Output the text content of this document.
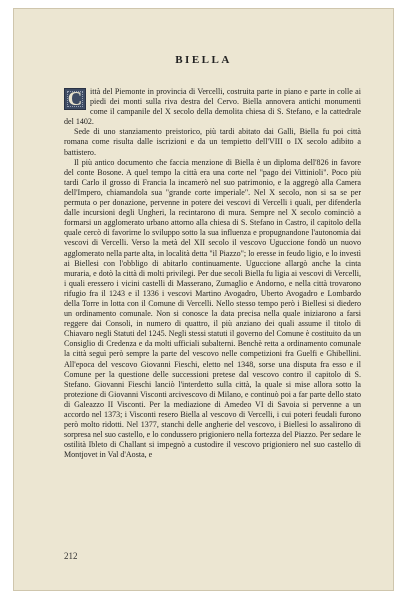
BIELLA

Città del Piemonte in provincia di Vercelli, costruita parte in piano e parte in colle ai piedi dei monti sulla riva destra del Cervo. Biella annovera antichi monumenti come il campanile del X secolo della demolita chiesa di S. Stefano, e la cattedrale del 1402.

Sede di uno stanziamento preistorico, più tardi abitato dai Galli, Biella fu poi città romana come risulta dalle iscrizioni e da un tempietto dell'VIII o IX secolo adibito a battistero.

Il più antico documento che faccia menzione di Biella è un diploma dell'826 in favore del conte Bosone. A quel tempo la città era una corte nel "pago dei Vittinioli". Poco più tardi Carlo il grosso di Francia la incamerò nel suo patrimonio, e la aggregò alla Camera dell'Impero, chiamandola sua "grande corte imperiale". Nel X secolo, non si sa se per permuta o per donazione, pervenne in potere dei vescovi di Vercelli i quali, per difenderla dalle incursioni degli Ungheri, la recintarono di mura. Sempre nel X secolo cominciò a formarsi un agglomerato urbano attorno alla chiesa di S. Stefano in Castro, il capitolo della quale cercò di favorirne lo sviluppo sotto la sua influenza e propugnandone l'autonomia dai vescovi di Vercelli. Verso la metà del XII secolo il vescovo Uguccione fondò un nuovo agglomerato nella parte alta, in località detta "il Piazzo"; lo eresse in feudo ligio, e lo investì ai Biellesi con l'obbligo di abitarlo continuamente. Uguccione allargò anche la cinta muraria, e dotò la città di molti privilegi. Per due secoli Biella fu ligia ai vescovi di Vercelli, i quali eressero i vicini castelli di Masserano, Zumaglio e Andorno, e nella città trovarono rifugio fra il 1243 e il 1336 i vescovi Martino Avogadro, Uberto Avogadro e Lombardo della Torre in lotta con il Comune di Vercelli. Nello stesso tempo però i Biellesi si diedero un ordinamento comunale. Non si conosce la data precisa nella quale iniziarono a farsi reggere dai Consoli, in numero di quattro, il più anziano dei quali assume il titolo di Chiavaro negli Statuti del 1245. Negli stessi statuti il governo del Comune è costituito da un Consiglio di Credenza e da molti ufficiali subalterni. Benchè retta a ordinamento comunale la città seguì però sempre la parte del vescovo nelle competizioni fra Guelfi e Ghibellini. All'epoca del vescovo Giovanni Fieschi, eletto nel 1348, sorse una disputa fra esso e il Comune per la questione delle successioni pretese dal vescovo contro il capitolo di S. Stefano. Giovanni Fieschi lanciò l'interdetto sulla città, la quale si mise allora sotto la protezione di Giovanni Visconti arcivescovo di Milano, e continuò poi a far parte dello stato di Galeazzo II Visconti. Per la mediazione di Amedeo VI di Savoia si pervenne a un accordo nel 1373; i Visconti resero Biella al vescovo di Vercelli, i cui poteri feudali furono però molto ridotti. Nel 1377, stanchi delle angherie del vescovo, i Biellesi lo assalirono di sorpresa nel suo castello, e lo condussero prigioniero nella fortezza del Piazzo. Per sedare le ostilità Ibleto di Challant si impegnò a custodire il vescovo prigioniero nel suo castello di Montjovet in Val d'Aosta, e

212
